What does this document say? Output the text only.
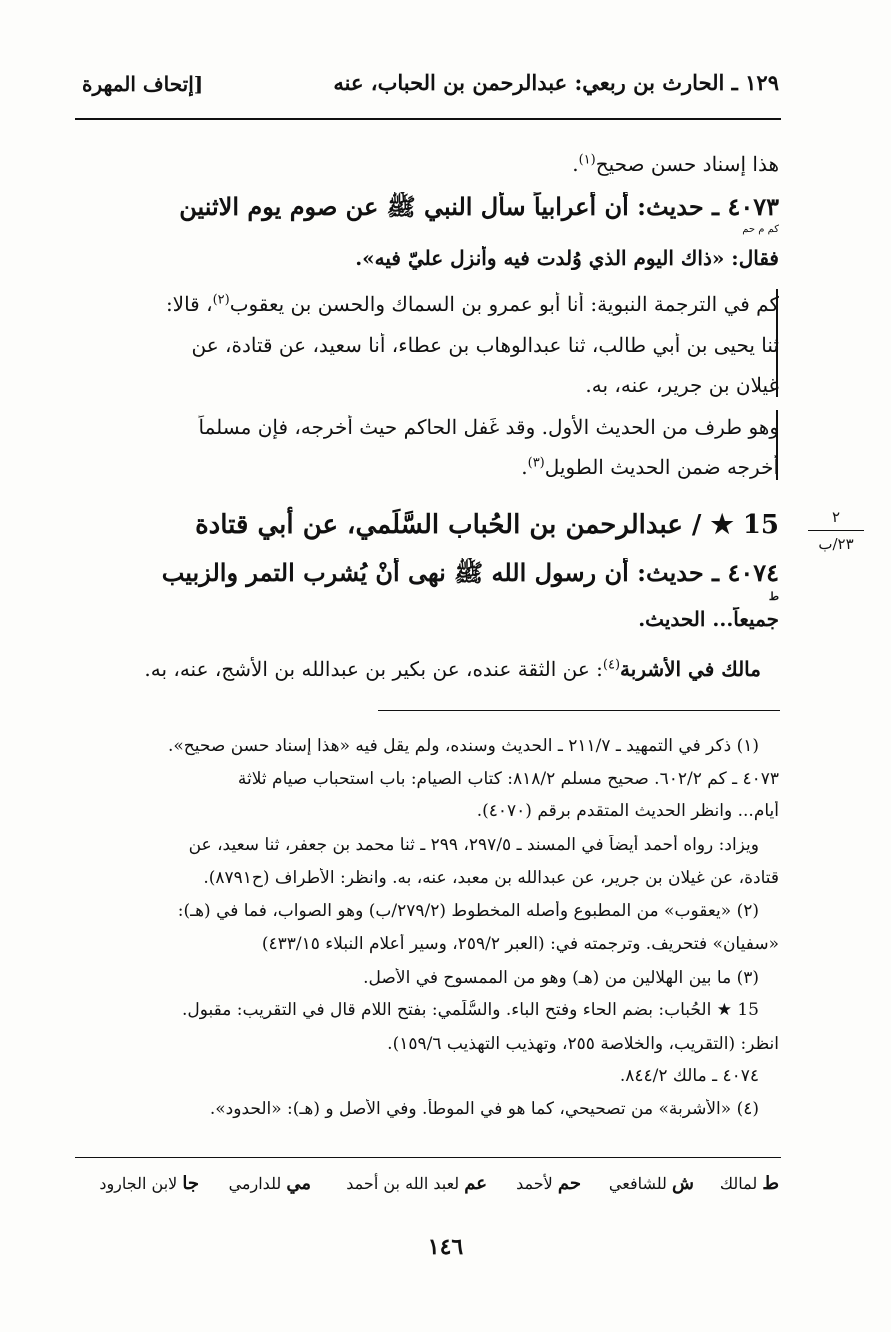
١٢٩ ـ الحارث بن ربعي: عبدالرحمن بن الحباب، عنه
[إتحاف المهرة
هذا إسناد حسن صحيح$^{(١)}$.
٤٠٧٣ ـ حديث: أن أعرابياً سأل النبي ﷺ عن صوم يوم الاثنين
كم م حم
فقال: «ذاك اليوم الذي وُلدت فيه وأُنزل عليّ فيه».
كم في الترجمة النبوية: أنا أبو عمرو بن السماك والحسن بن يعقوب$^{(٢)}$، قالا:
ثنا يحيى بن أبي طالب، ثنا عبدالوهاب بن عطاء، أنا سعيد، عن قتادة، عن
غيلان بن جرير، عنه، به.
وهو طرف من الحديث الأول. وقد غَفل الحاكم حيث أخرجه، فإن مسلماً
أخرجه ضمن الحديث الطويل$^{(٣)}$.
15 ★ / عبدالرحمن بن الحُباب السَّلَمي، عن أبي قتادة	٢
٢٣/ب
٤٠٧٤ ـ حديث: أن رسول الله ﷺ نهى أنْ يُشرب التمر والزبيب
ط
جميعاً... الحديث.
مالك في الأشربة$^{(٤)}$: عن الثقة عنده، عن بكير بن عبدالله بن الأشج، عنه، به.
(١) ذكر في التمهيد ـ ٢١١/٧ ـ الحديث وسنده، ولم يقل فيه «هذا إسناد حسن صحيح».
٤٠٧٣ ـ كم ٦٠٢/٢. صحيح مسلم ٨١٨/٢: كتاب الصيام: باب استحباب صيام ثلاثة
أيام... وانظر الحديث المتقدم برقم (٤٠٧٠).
ويزاد: رواه أحمد أيضاً في المسند ـ ٢٩٧/٥، ٢٩٩ ـ ثنا محمد بن جعفر، ثنا سعيد، عن
قتادة، عن غيلان بن جرير، عن عبدالله بن معبد، عنه، به. وانظر: الأطراف (ح٨٧٩١).
(٢) «يعقوب» من المطبوع وأصله المخطوط (٢٧٩/٢/ب) وهو الصواب، فما في (هـ):
«سفيان» فتحريف. وترجمته في: (العبر ٢٥٩/٢، وسير أعلام النبلاء ٤٣٣/١٥)
(٣) ما بين الهلالين من (هـ) وهو من الممسوح في الأصل.
15 ★ الحُباب: بضم الحاء وفتح الباء. والسُّلَمي: بفتح اللام قال في التقريب: مقبول.
انظر: (التقريب، والخلاصة ٢٥٥، وتهذيب التهذيب ١٥٩/٦).
٤٠٧٤ ـ مالك ٨٤٤/٢.
(٤) «الأشربة» من تصحيحي، كما هو في الموطأ. وفي الأصل و (هـ): «الحدود».
ط لمالك
ش للشافعي
حم لأحمد
عم لعبد الله بن أحمد
مي للدارمي
جا لابن الجارود
١٤٦
